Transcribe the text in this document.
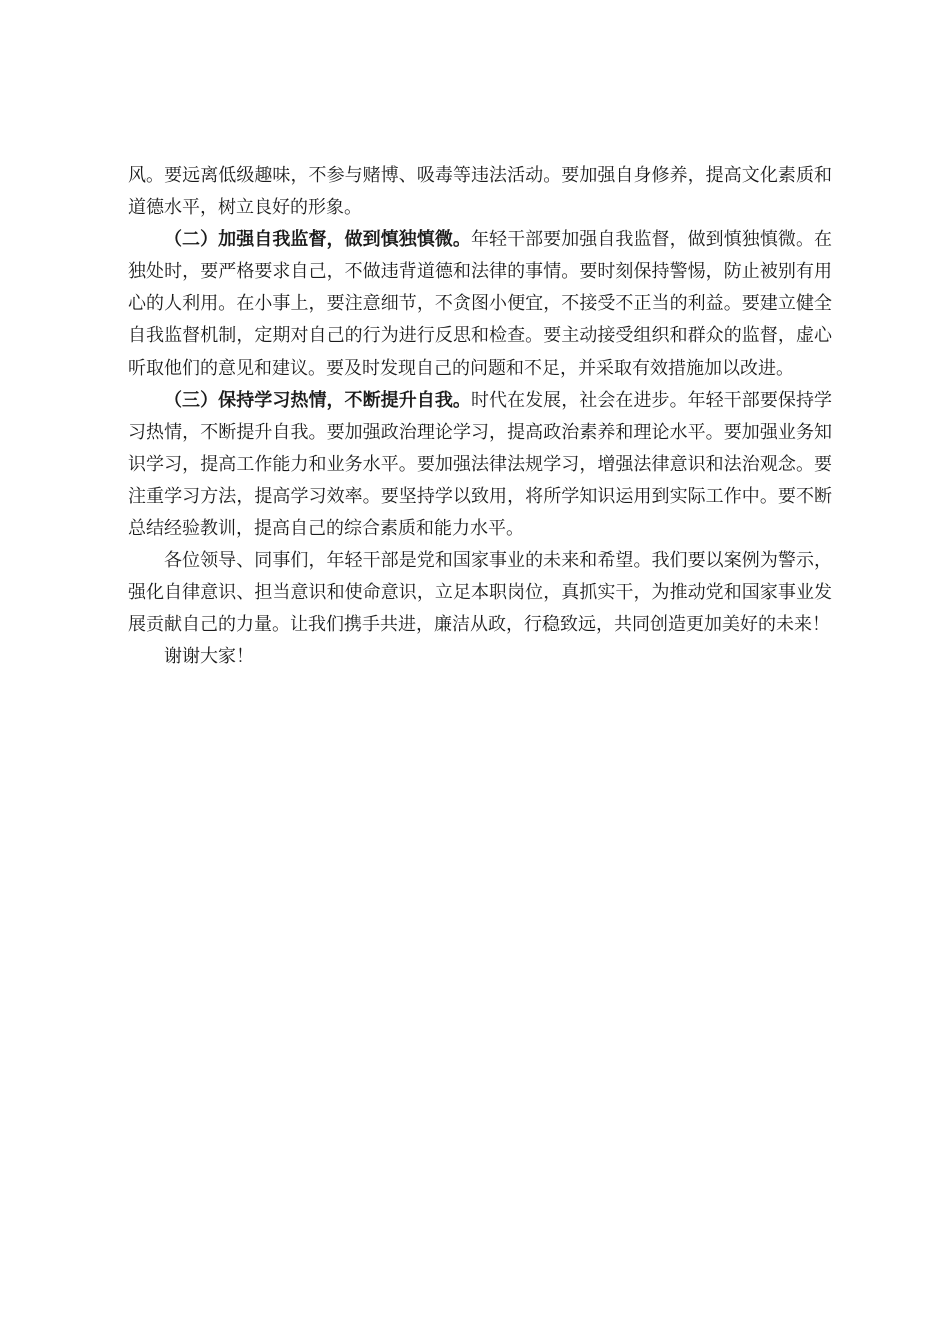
风。要远离低级趣味，不参与赌博、吸毒等违法活动。要加强自身修养，提高文化素质和道德水平，树立良好的形象。

（二）加强自我监督，做到慎独慎微。年轻干部要加强自我监督，做到慎独慎微。在独处时，要严格要求自己，不做违背道德和法律的事情。要时刻保持警惕，防止被别有用心的人利用。在小事上，要注意细节，不贪图小便宜，不接受不正当的利益。要建立健全自我监督机制，定期对自己的行为进行反思和检查。要主动接受组织和群众的监督，虚心听取他们的意见和建议。要及时发现自己的问题和不足，并采取有效措施加以改进。

（三）保持学习热情，不断提升自我。时代在发展，社会在进步。年轻干部要保持学习热情，不断提升自我。要加强政治理论学习，提高政治素养和理论水平。要加强业务知识学习，提高工作能力和业务水平。要加强法律法规学习，增强法律意识和法治观念。要注重学习方法，提高学习效率。要坚持学以致用，将所学知识运用到实际工作中。要不断总结经验教训，提高自己的综合素质和能力水平。

各位领导、同事们，年轻干部是党和国家事业的未来和希望。我们要以案例为警示，强化自律意识、担当意识和使命意识，立足本职岗位，真抓实干，为推动党和国家事业发展贡献自己的力量。让我们携手共进，廉洁从政，行稳致远，共同创造更加美好的未来！

谢谢大家！
